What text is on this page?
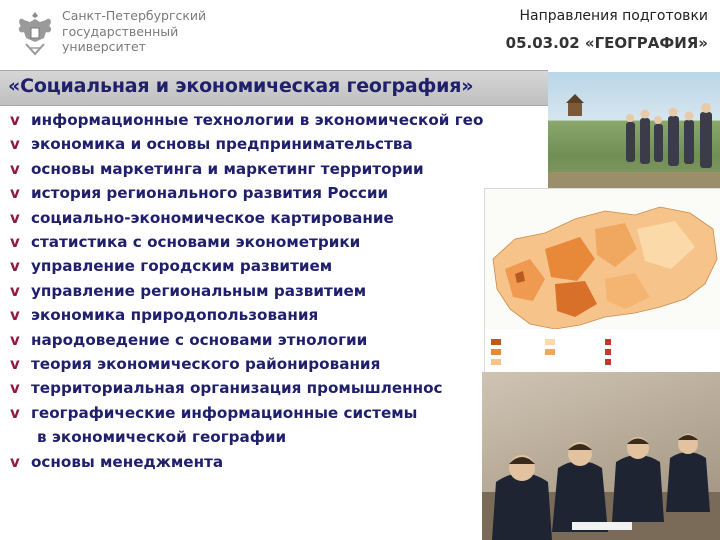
Санкт-Петербургский
государственный
университет
Направления подготовки
05.03.02 «ГЕОГРАФИЯ»
«Социальная и экономическая география»
v информационные технологии в экономической гео
v экономика и основы предпринимательства
v основы маркетинга и маркетинг территории
v история регионального развития России
v социально-экономическое картирование
v статистика с основами эконометрики
v управление городским развитием
v управление региональным развитием
v экономика природопользования
v народоведение с основами этнологии
v теория экономического районирования
v территориальная организация промышленнос
v географические информационные системы
в экономической географии
v основы менеджмента
